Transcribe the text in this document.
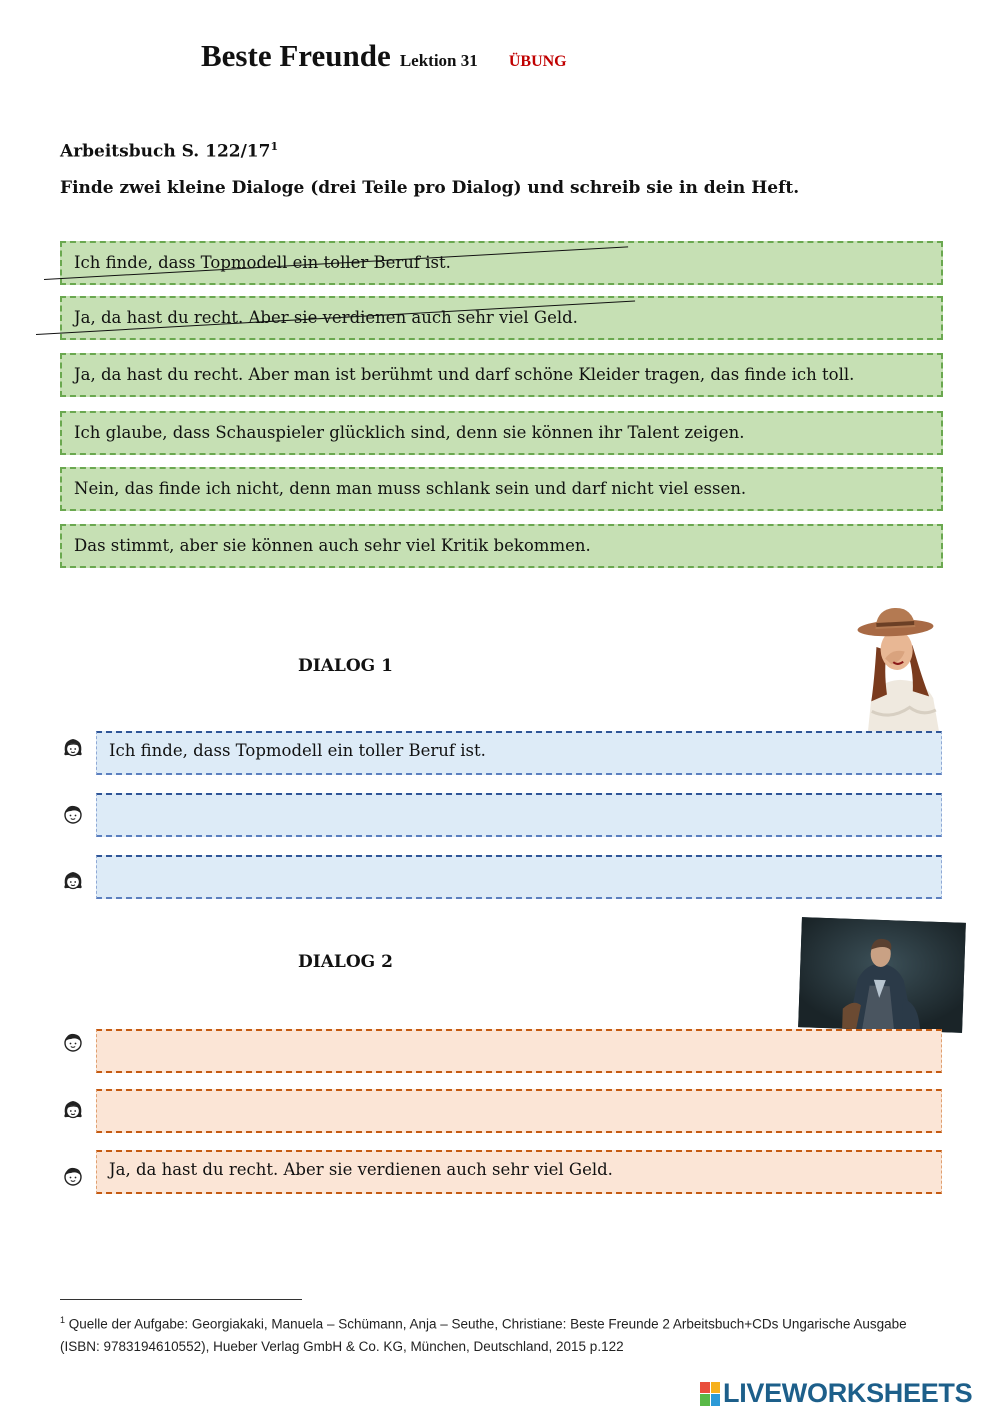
Beste Freunde Lektion 31 ÜBUNG
Arbeitsbuch S. $122/17^1$
Finde zwei kleine Dialoge (drei Teile pro Dialog) und schreib sie in dein Heft.
Ich finde, dass Topmodell ein toller Beruf ist.
Ja, da hast du recht. Aber sie verdienen auch sehr viel Geld.
Ja, da hast du recht. Aber man ist berühmt und darf schöne Kleider tragen, das finde ich toll.
Ich glaube, dass Schauspieler glücklich sind, denn sie können ihr Talent zeigen.
Nein, das finde ich nicht, denn man muss schlank sein und darf nicht viel essen.
Das stimmt, aber sie können auch sehr viel Kritik bekommen.
DIALOG 1
Ich finde, dass Topmodell ein toller Beruf ist.
DIALOG 2
Ja, da hast du recht. Aber sie verdienen auch sehr viel Geld.
$^1$ Quelle der Aufgabe: Georgiakaki, Manuela – Schümann, Anja – Seuthe, Christiane: Beste Freunde 2 Arbeitsbuch+CDs Ungarische Ausgabe (ISBN: 9783194610552), Hueber Verlag GmbH & Co. KG, München, Deutschland, 2015 p.122
LIVEWORKSHEETS
